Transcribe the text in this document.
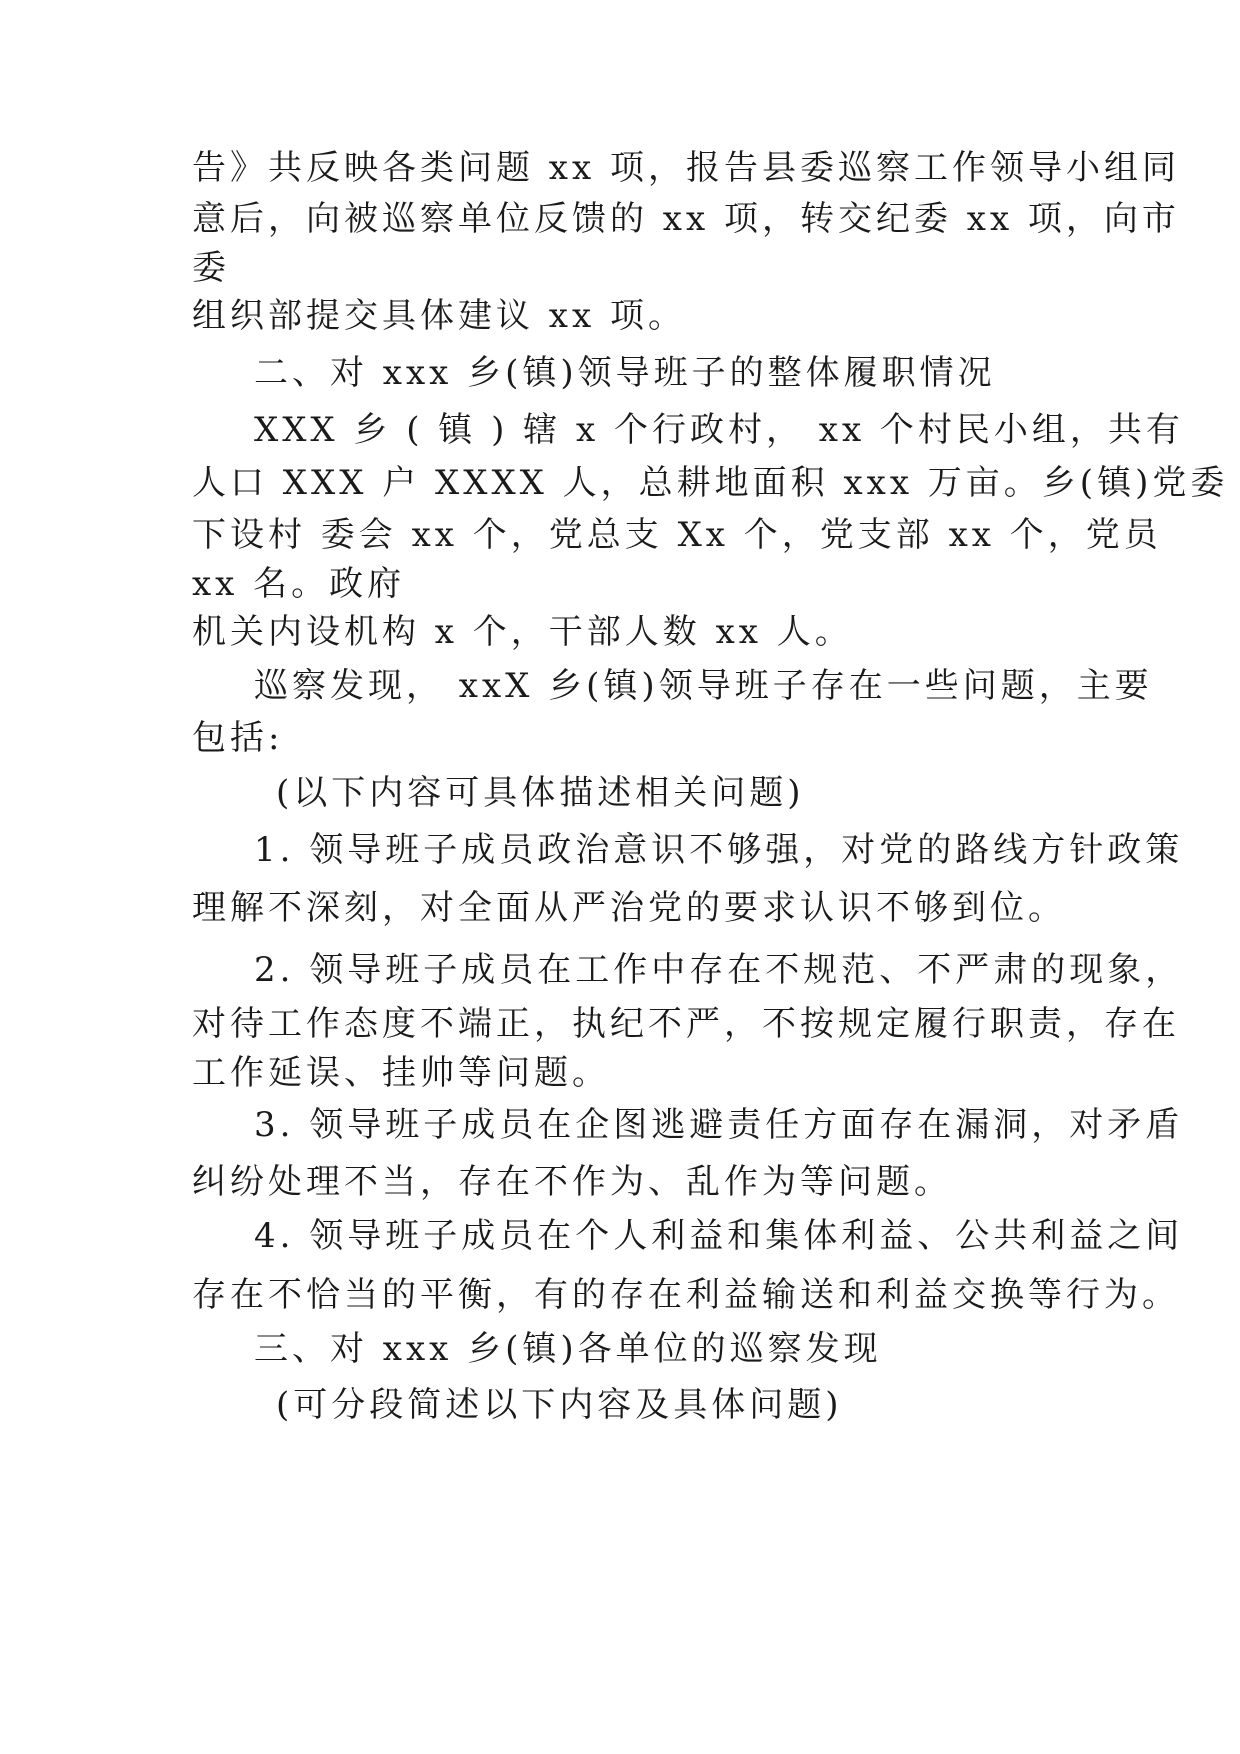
告》共反映各类问题 xx 项，报告县委巡察工作领导小组同
意后，向被巡察单位反馈的 xx 项，转交纪委 xx 项，向市
委
组织部提交具体建议 xx 项。
二、对 xxx 乡(镇)领导班子的整体履职情况
XXX 乡 ( 镇 ) 辖 x 个行政村， xx 个村民小组，共有
人口 XXX 户 XXXX 人，总耕地面积 xxx 万亩。乡(镇)党委
下设村 委会 xx 个，党总支 Xx 个，党支部 xx 个，党员
xx 名。政府
机关内设机构 x 个，干部人数 xx 人。
巡察发现， xxX 乡(镇)领导班子存在一些问题，主要
包括:
(以下内容可具体描述相关问题)
1. 领导班子成员政治意识不够强，对党的路线方针政策
理解不深刻，对全面从严治党的要求认识不够到位。
2. 领导班子成员在工作中存在不规范、不严肃的现象，
对待工作态度不端正，执纪不严，不按规定履行职责，存在
工作延误、挂帅等问题。
3. 领导班子成员在企图逃避责任方面存在漏洞，对矛盾
纠纷处理不当，存在不作为、乱作为等问题。
4. 领导班子成员在个人利益和集体利益、公共利益之间
存在不恰当的平衡，有的存在利益输送和利益交换等行为。
三、对 xxx 乡(镇)各单位的巡察发现
(可分段简述以下内容及具体问题)
